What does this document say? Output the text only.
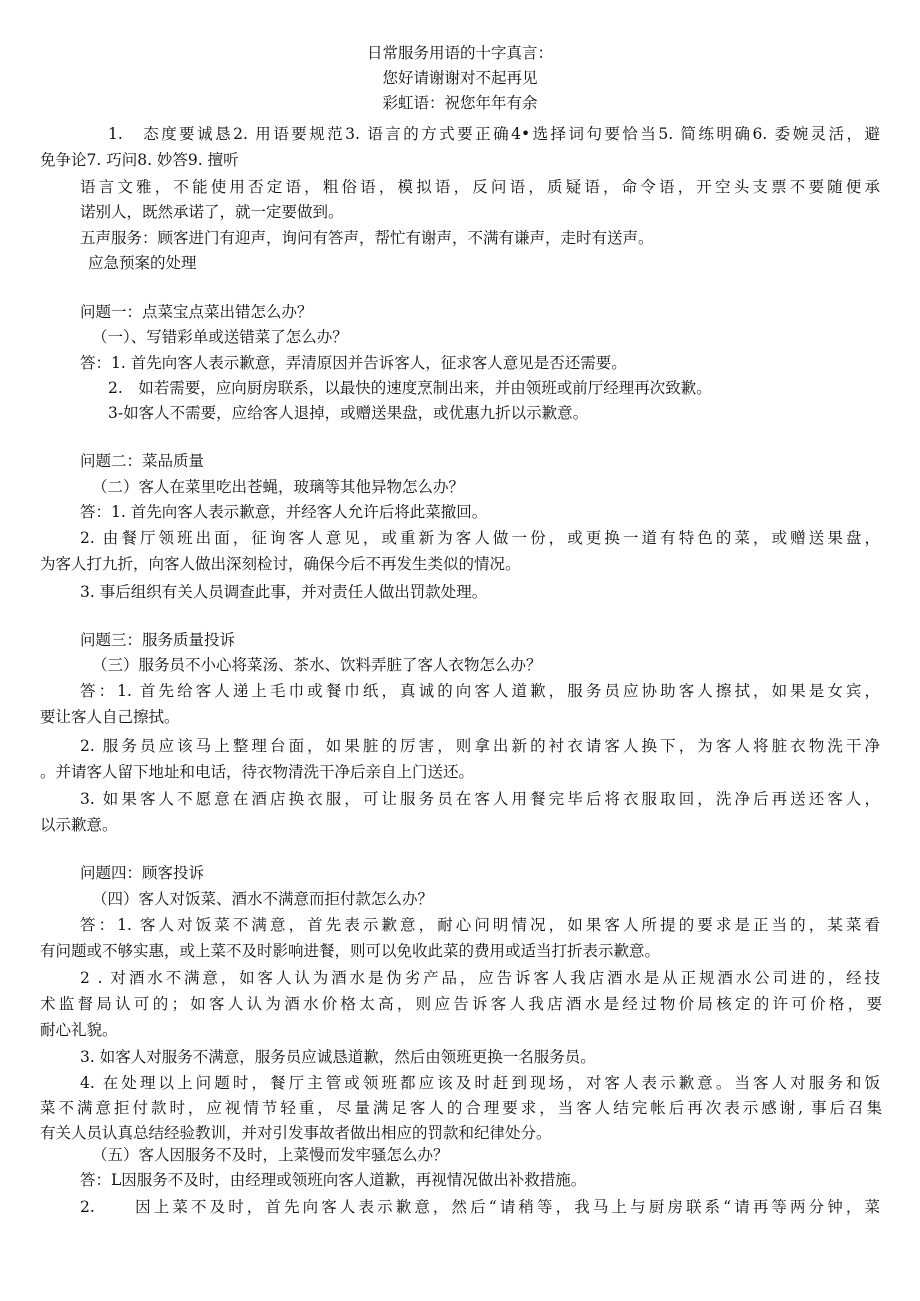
日常服务用语的十字真言：
您好请谢谢对不起再见
彩虹语：祝您年年有余
1.　态度要诚恳2. 用语要规范3. 语言的方式要正确4•选择词句要恰当5. 简练明确6. 委婉灵活，避
免争论7. 巧问8. 妙答9. 擅听
语言文雅，不能使用否定语，粗俗语，模拟语，反问语，质疑语，命令语，开空头支票不要随便承
诺别人，既然承诺了，就一定要做到。
五声服务：顾客进门有迎声，询问有答声，帮忙有谢声，不满有谦声，走时有送声。
应急预案的处理
问题一：点菜宝点菜出错怎么办？
（一）、写错彩单或送错菜了怎么办？
答：1. 首先向客人表示歉意，弄清原因并告诉客人，征求客人意见是否还需要。
2.　如若需要，应向厨房联系，以最快的速度烹制出来，并由领班或前厅经理再次致歉。
3-如客人不需要，应给客人退掉，或赠送果盘，或优惠九折以示歉意。
问题二：菜品质量
（二）客人在菜里吃出苍蝇，玻璃等其他异物怎么办？
答：1. 首先向客人表示歉意，并经客人允许后将此菜撤回。
2. 由餐厅领班出面，征询客人意见，或重新为客人做一份，或更换一道有特色的菜，或赠送果盘，
为客人打九折，向客人做出深刻检讨，确保今后不再发生类似的情况。
3. 事后组织有关人员调查此事，并对责任人做出罚款处理。
问题三：服务质量投诉
（三）服务员不小心将菜汤、茶水、饮料弄脏了客人衣物怎么办？
答：1. 首先给客人递上毛巾或餐巾纸，真诚的向客人道歉，服务员应协助客人擦拭，如果是女宾，
要让客人自己擦拭。
2. 服务员应该马上整理台面，如果脏的厉害，则拿出新的衬衣请客人换下，为客人将脏衣物洗干净
。并请客人留下地址和电话，待衣物清洗干净后亲自上门送还。
3. 如果客人不愿意在酒店换衣服，可让服务员在客人用餐完毕后将衣服取回，洗净后再送还客人，
以示歉意。
问题四：顾客投诉
（四）客人对饭菜、酒水不满意而拒付款怎么办？
答：1. 客人对饭菜不满意，首先表示歉意，耐心问明情况，如果客人所提的要求是正当的，某菜看
有问题或不够实惠，或上菜不及时影响进餐，则可以免收此菜的费用或适当打折表示歉意。
2 . 对酒水不满意，如客人认为酒水是伪劣产品，应告诉客人我店酒水是从正规酒水公司进的，经技
术监督局认可的；如客人认为酒水价格太高，则应告诉客人我店酒水是经过物价局核定的许可价格，要
耐心礼貌。
3. 如客人对服务不满意，服务员应诚恳道歉，然后由领班更换一名服务员。
4. 在处理以上问题时，餐厅主管或领班都应该及时赶到现场，对客人表示歉意。当客人对服务和饭
菜不满意拒付款时，应视情节轻重，尽量满足客人的合理要求，当客人结完帐后再次表示感谢, 事后召集
有关人员认真总结经验教训，并对引发事故者做出相应的罚款和纪律处分。
（五）客人因服务不及时，上菜慢而发牢骚怎么办？
答：L因服务不及时，由经理或领班向客人道歉，再视情况做出补救措施。
2.　　因上菜不及时，首先向客人表示歉意，然后“请稍等，我马上与厨房联系“请再等两分钟，菜
